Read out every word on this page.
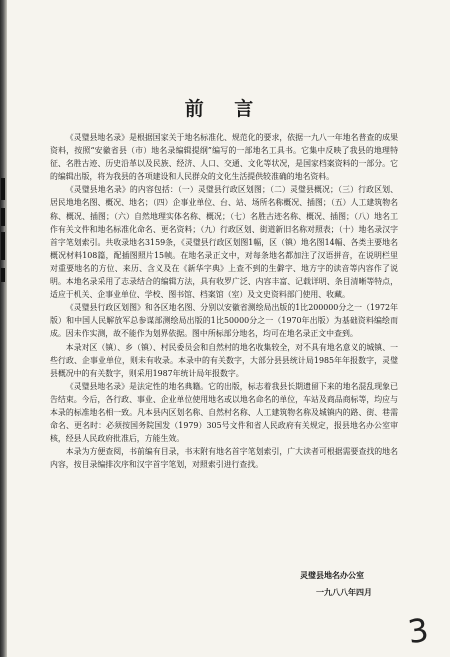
前 言

《灵璧县地名录》是根据国家关于地名标准化、规范化的要求，依据一九八一年地名普查的成果资料，按照“安徽省县（市）地名录编辑提纲”编写的一部地名工具书。它集中反映了我县的地理特征、名胜古迹、历史沿革以及民族、经济、人口、交通、文化等状况，是国家档案资料的一部分。它的编辑出版，将为我县的各项建设和人民群众的文化生活提供较准确的地名资料。

《灵璧县地名录》的内容包括：（一）灵璧县行政区划图；（二）灵璧县概况；（三）行政区划、居民地地名图、概况、地名；（四）企事业单位、台、站、场所名称概况、插图；（五）人工建筑物名称、概况、插图；（六）自然地理实体名称、概况；（七）名胜古迹名称、概况、插图；（八）地名工作有关文件和地名标准化命名、更名资料；（九）行政区划、街道新旧名称对照表；（十）地名录汉字首字笔划索引。共收录地名3159条，《灵璧县行政区划图1幅，区（镇）地名图14幅、各类主要地名概况材料108篇，配插图照片15帧。在地名录正文中，对每条地名都加注了汉语拼音，在说明栏里对重要地名的方位、来历、含义及在《新华字典》上查不到的生僻字、地方字的读音等内容作了说明。本地名录采用了志录结合的编辑方法，具有收罗广泛、内容丰富、记载详明、条目清晰等特点，适应于机关、企事业单位、学校、图书馆、档案馆（室）及文史资料部门使用、收藏。

《灵璧县行政区划图》和各区地名图、分别以安徽省测绘局出版的1比200000分之一（1972年版）和中国人民解放军总参谋部测绘局出版的1比50000分之一（1970年出版）为基础资料编绘而成。因未作实测，故不能作为划界依据。图中所标部分地名，均可在地名录正文中查到。

本录对区（镇）、乡（镇）、村民委员会和自然村的地名收集较全，对不具有地名意义的城镇、一些行政、企事业单位，则未有收录。本录中的有关数字，大部分县县统计局1985年年报数字，灵璧县概况中的有关数字，则采用1987年统计局年报数字。

《灵璧县地名录》是法定性的地名典籍。它的出版，标志着我县长期遗留下来的地名混乱现象已告结束。今后，各行政、事业、企业单位使用地名或以地名命名的单位，车站及商品商标等，均应与本录的标准地名相一致。凡本县内区划名称、自然村名称、人工建筑物名称及城镇内的路、街、巷需命名、更名时：必须按国务院国发（1979）305号文件和省人民政府有关规定，报县地名办公室审核，经县人民政府批准后，方能生效。

本录为方便查阅，书前编有目录，书末附有地名首字笔划索引，广大读者可根据需要查找的地名内容，按目录编排次序和汉字首字笔划，对照索引进行查找。

灵璧县地名办公室
一九八八年四月
3
